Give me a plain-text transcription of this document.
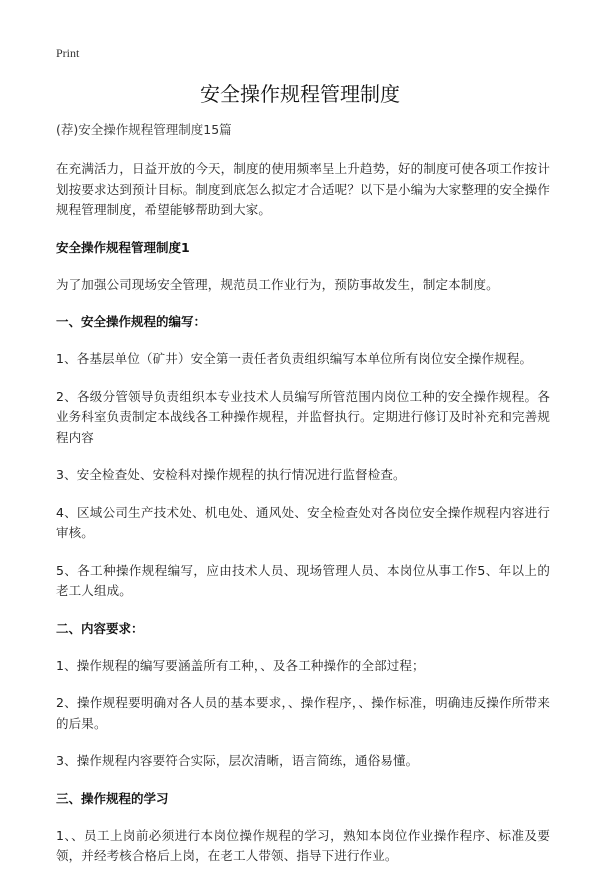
Print
安全操作规程管理制度
(荐)安全操作规程管理制度15篇

在充满活力，日益开放的今天，制度的使用频率呈上升趋势，好的制度可使各项工作按计划按要求达到预计目标。制度到底怎么拟定才合适呢？以下是小编为大家整理的安全操作规程管理制度，希望能够帮助到大家。

安全操作规程管理制度1

为了加强公司现场安全管理，规范员工作业行为，预防事故发生，制定本制度。

一、安全操作规程的编写：

1、各基层单位（矿井）安全第一责任者负责组织编写本单位所有岗位安全操作规程。

2、各级分管领导负责组织本专业技术人员编写所管范围内岗位工种的安全操作规程。各业务科室负责制定本战线各工种操作规程，并监督执行。定期进行修订及时补充和完善规程内容

3、安全检查处、安检科对操作规程的执行情况进行监督检查。

4、区域公司生产技术处、机电处、通风处、安全检查处对各岗位安全操作规程内容进行审核。

5、各工种操作规程编写，应由技术人员、现场管理人员、本岗位从事工作5、年以上的老工人组成。

二、内容要求：

1、操作规程的编写要涵盖所有工种，、及各工种操作的全部过程；

2、操作规程要明确对各人员的基本要求，、操作程序，、操作标准，明确违反操作所带来的后果。

3、操作规程内容要符合实际，层次清晰，语言简练，通俗易懂。

三、操作规程的学习

1、、员工上岗前必须进行本岗位操作规程的学习，熟知本岗位作业操作程序、标准及要领，并经考核合格后上岗，在老工人带领、指导下进行作业。
